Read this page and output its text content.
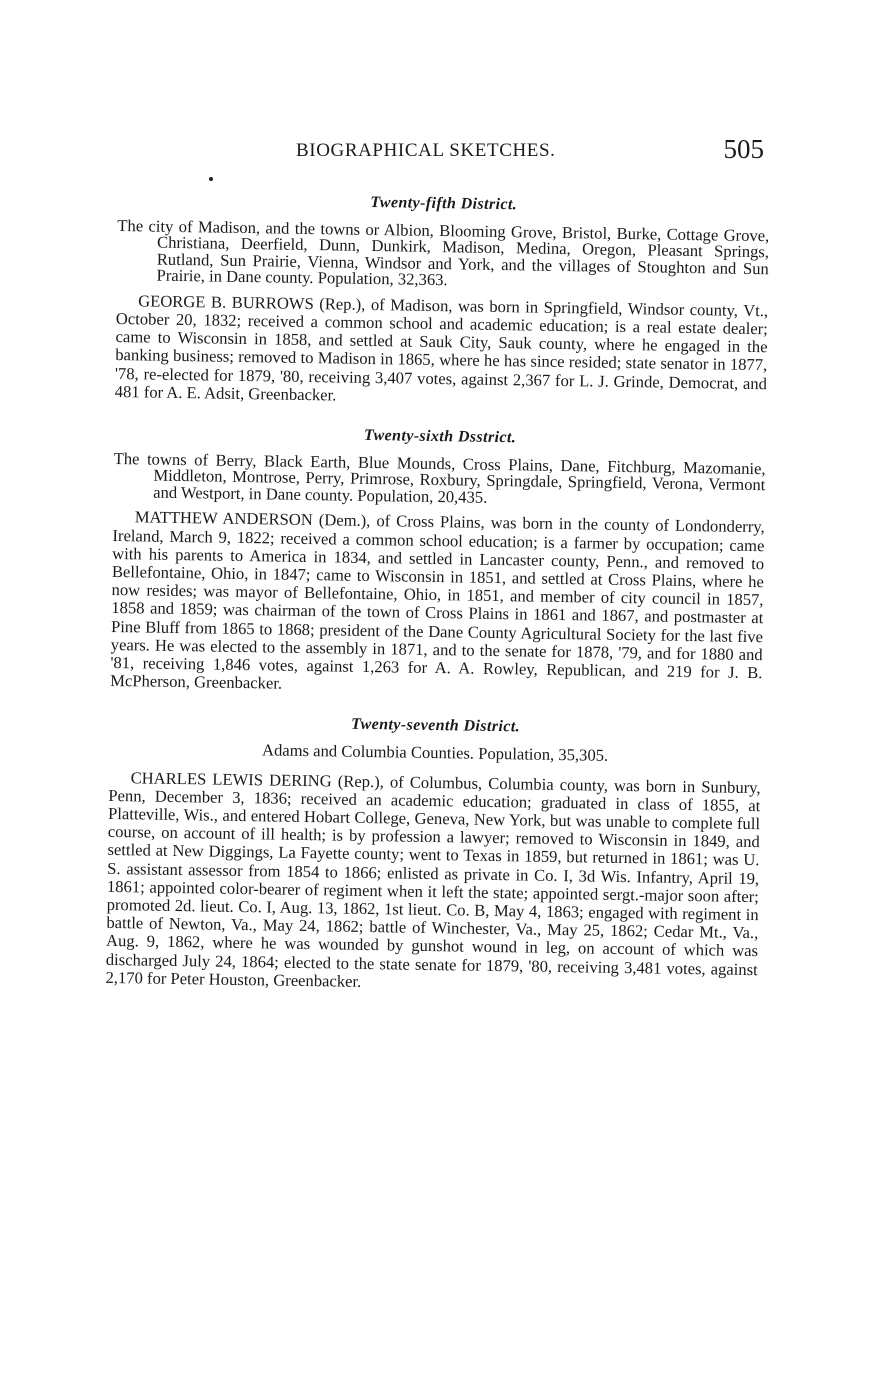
BIOGRAPHICAL SKETCHES.	505
Twenty-fifth District.

The city of Madison, and the towns or Albion, Blooming Grove, Bristol, Burke, Cottage Grove, Christiana, Deerfield, Dunn, Dunkirk, Madison, Medina, Oregon, Pleasant Springs, Rutland, Sun Prairie, Vienna, Windsor and York, and the villages of Stoughton and Sun Prairie, in Dane county. Population, 32,363.

GEORGE B. BURROWS (Rep.), of Madison, was born in Springfield, Windsor county, Vt., October 20, 1832; received a common school and academic education; is a real estate dealer; came to Wisconsin in 1858, and settled at Sauk City, Sauk county, where he engaged in the banking business; removed to Madison in 1865, where he has since resided; state senator in 1877, '78, re-elected for 1879, '80, receiving 3,407 votes, against 2,367 for L. J. Grinde, Democrat, and 481 for A. E. Adsit, Greenbacker.

Twenty-sixth Dsstrict.

The towns of Berry, Black Earth, Blue Mounds, Cross Plains, Dane, Fitchburg, Mazomanie, Middleton, Montrose, Perry, Primrose, Roxbury, Springdale, Springfield, Verona, Vermont and Westport, in Dane county. Population, 20,435.

MATTHEW ANDERSON (Dem.), of Cross Plains, was born in the county of Londonderry, Ireland, March 9, 1822; received a common school education; is a farmer by occupation; came with his parents to America in 1834, and settled in Lancaster county, Penn., and removed to Bellefontaine, Ohio, in 1847; came to Wisconsin in 1851, and settled at Cross Plains, where he now resides; was mayor of Bellefontaine, Ohio, in 1851, and member of city council in 1857, 1858 and 1859; was chairman of the town of Cross Plains in 1861 and 1867, and postmaster at Pine Bluff from 1865 to 1868; president of the Dane County Agricultural Society for the last five years. He was elected to the assembly in 1871, and to the senate for 1878, '79, and for 1880 and '81, receiving 1,846 votes, against 1,263 for A. A. Rowley, Republican, and 219 for J. B. McPherson, Greenbacker.

Twenty-seventh District.

Adams and Columbia Counties. Population, 35,305.

CHARLES LEWIS DERING (Rep.), of Columbus, Columbia county, was born in Sunbury, Penn, December 3, 1836; received an academic education; graduated in class of 1855, at Platteville, Wis., and entered Hobart College, Geneva, New York, but was unable to complete full course, on account of ill health; is by profession a lawyer; removed to Wisconsin in 1849, and settled at New Diggings, La Fayette county; went to Texas in 1859, but returned in 1861; was U. S. assistant assessor from 1854 to 1866; enlisted as private in Co. I, 3d Wis. Infantry, April 19, 1861; appointed color-bearer of regiment when it left the state; appointed sergt.-major soon after; promoted 2d. lieut. Co. I, Aug. 13, 1862, 1st lieut. Co. B, May 4, 1863; engaged with regiment in battle of Newton, Va., May 24, 1862; battle of Winchester, Va., May 25, 1862; Cedar Mt., Va., Aug. 9, 1862, where he was wounded by gunshot wound in leg, on account of which was discharged July 24, 1864; elected to the state senate for 1879, '80, receiving 3,481 votes, against 2,170 for Peter Houston, Greenbacker.
